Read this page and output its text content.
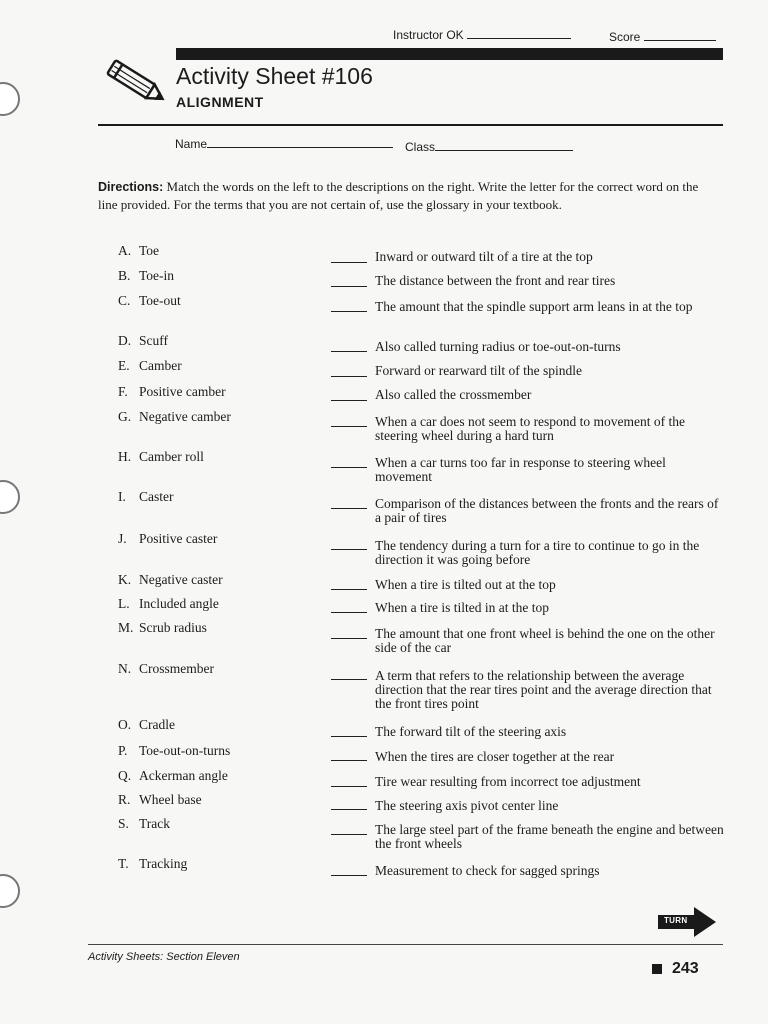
Instructor OK	Score
Activity Sheet #106
ALIGNMENT
Name	Class
Directions: Match the words on the left to the descriptions on the right. Write the letter for the correct word on the line provided. For the terms that you are not certain of, use the glossary in your textbook.
A. Toe
B. Toe-in
C. Toe-out
D. Scuff
E. Camber
F. Positive camber
G. Negative camber
H. Camber roll
I. Caster
J. Positive caster
K. Negative caster
L. Included angle
M. Scrub radius
N. Crossmember
O. Cradle
P. Toe-out-on-turns
Q. Ackerman angle
R. Wheel base
S. Track
T. Tracking
Inward or outward tilt of a tire at the top
The distance between the front and rear tires
The amount that the spindle support arm leans in at the top
Also called turning radius or toe-out-on-turns
Forward or rearward tilt of the spindle
Also called the crossmember
When a car does not seem to respond to movement of the steering wheel during a hard turn
When a car turns too far in response to steering wheel movement
Comparison of the distances between the fronts and the rears of a pair of tires
The tendency during a turn for a tire to continue to go in the direction it was going before
When a tire is tilted out at the top
When a tire is tilted in at the top
The amount that one front wheel is behind the one on the other side of the car
A term that refers to the relationship between the average direction that the rear tires point and the average direction that the front tires point
The forward tilt of the steering axis
When the tires are closer together at the rear
Tire wear resulting from incorrect toe adjustment
The steering axis pivot center line
The large steel part of the frame beneath the engine and between the front wheels
Measurement to check for sagged springs
TURN
Activity Sheets: Section Eleven
243
